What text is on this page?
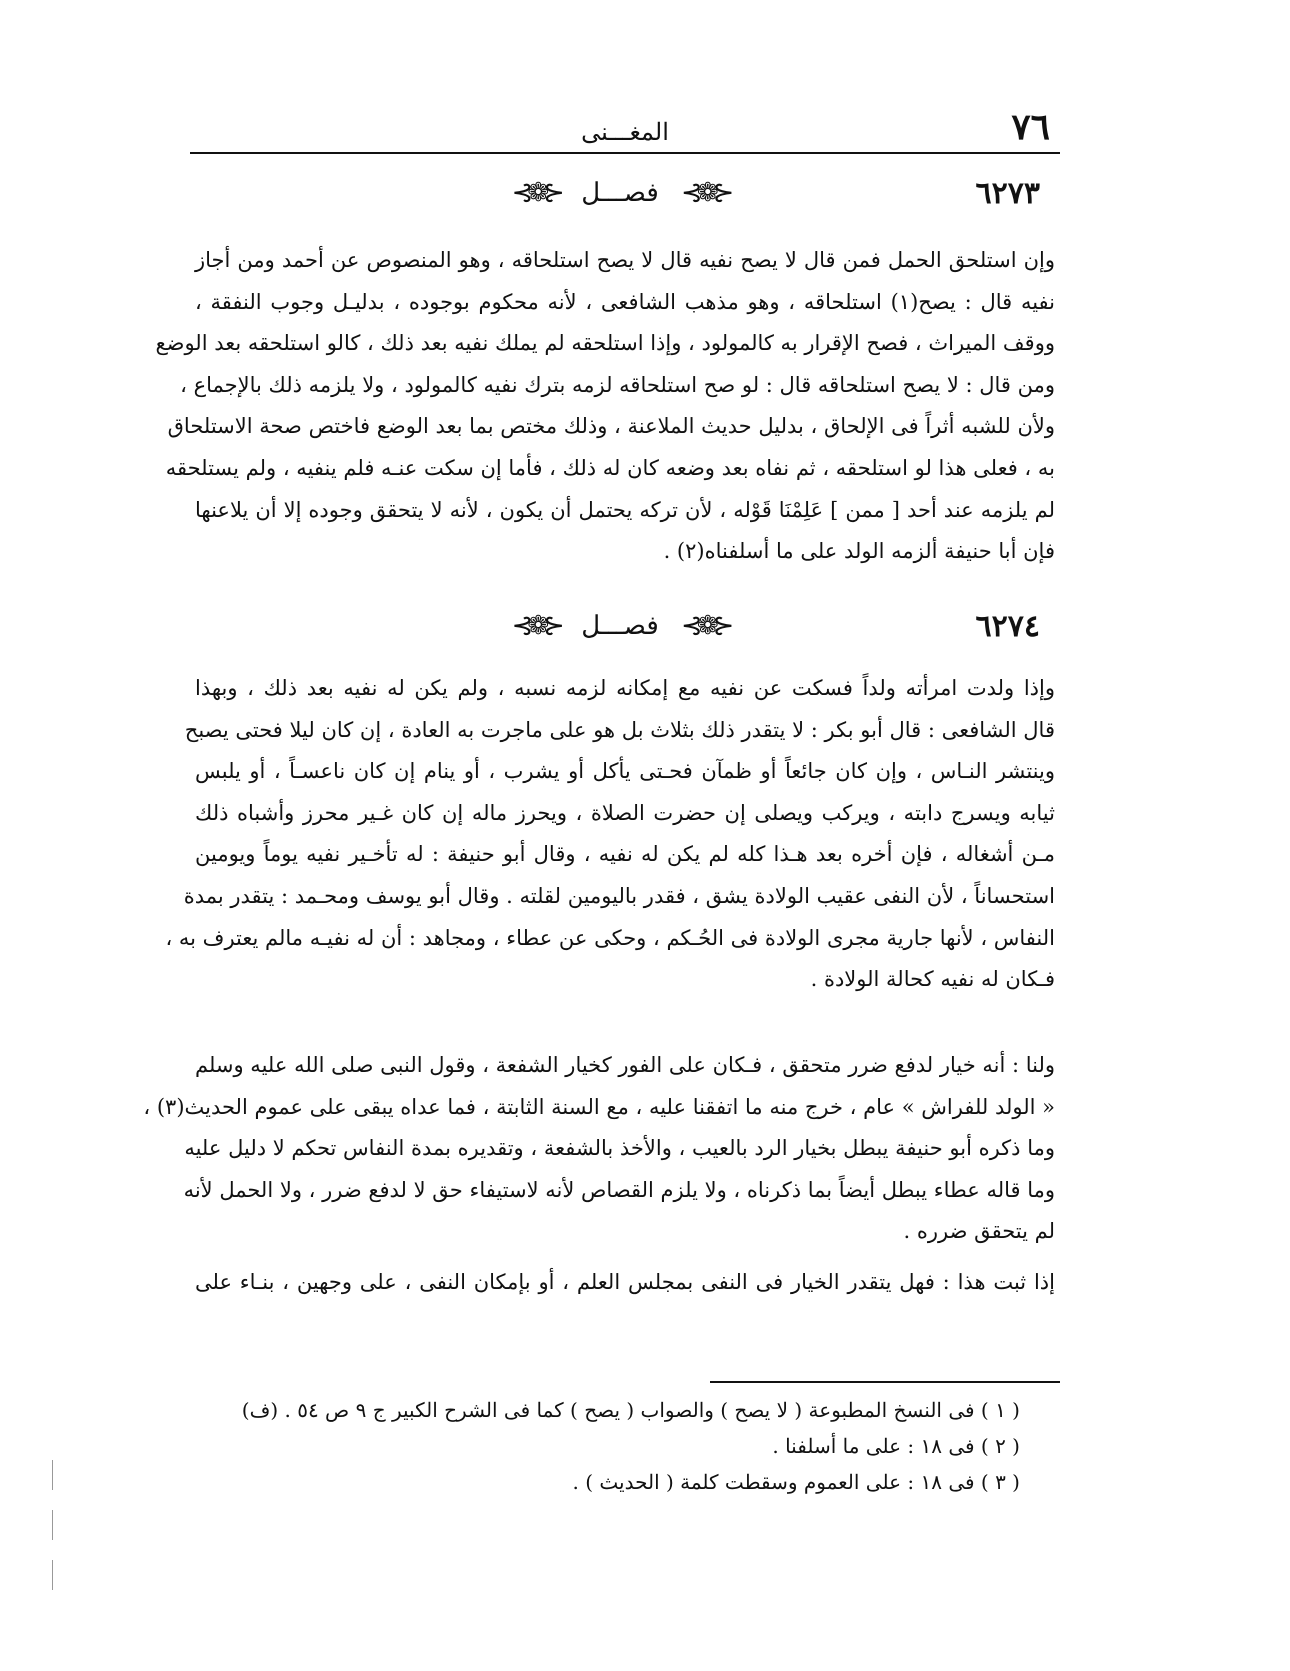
المغـــنى	٧٦
٦٢٧٣
⊰❁⊱ فصـــل ⊰❁⊱
وإن استلحق الحمل فمن قال لا يصح نفيه قال لا يصح استلحاقه ، وهو المنصوص عن أحمد ومن أجاز
نفيه قال : يصح(١) استلحاقه ، وهو مذهب الشافعى ، لأنه محكوم بوجوده ، بدليـل وجوب النفقة ،
ووقف الميراث ، فصح الإقرار به كالمولود ، وإذا استلحقه لم يملك نفيه بعد ذلك ، كالو استلحقه بعد الوضع
ومن قال : لا يصح استلحاقه قال : لو صح استلحاقه لزمه بترك نفيه كالمولود ، ولا يلزمه ذلك بالإجماع ،
ولأن للشبه أثراً فى الإلحاق ، بدليل حديث الملاعنة ، وذلك مختص بما بعد الوضع فاختص صحة الاستلحاق
به ، فعلى هذا لو استلحقه ، ثم نفاه بعد وضعه كان له ذلك ، فأما إن سكت عنـه فلم ينفيه ، ولم يستلحقه
لم يلزمه عند أحد [ ممن ] عَلِمْنَا قَوْله ، لأن تركه يحتمل أن يكون ، لأنه لا يتحقق وجوده إلا أن يلاعنها
فإن أبا حنيفة ألزمه الولد على ما أسلفناه(٢) .
٦٢٧٤
⊰❁⊱ فصـــل ⊰❁⊱
وإذا ولدت امرأته ولداً فسكت عن نفيه مع إمكانه لزمه نسبه ، ولم يكن له نفيه بعد ذلك ، وبهذا
قال الشافعى : قال أبو بكر : لا يتقدر ذلك بثلاث بل هو على ماجرت به العادة ، إن كان ليلا فحتى يصبح
وينتشر النـاس ، وإن كان جائعاً أو ظمآن فحـتى يأكل أو يشرب ، أو ينام إن كان ناعسـاً ، أو يلبس
ثيابه ويسرج دابته ، ويركب ويصلى إن حضرت الصلاة ، ويحرز ماله إن كان غـير محرز وأشباه ذلك
مـن أشغاله ، فإن أخره بعد هـذا كله لم يكن له نفيه ، وقال أبو حنيفة : له تأخـير نفيه يوماً ويومين
استحساناً ، لأن النفى عقيب الولادة يشق ، فقدر باليومين لقلته . وقال أبو يوسف ومحـمد : يتقدر بمدة
النفاس ، لأنها جارية مجرى الولادة فى الحُـكم ، وحكى عن عطاء ، ومجاهد : أن له نفيـه مالم يعترف به ،
فـكان له نفيه كحالة الولادة .
ولنا : أنه خيار لدفع ضرر متحقق ، فـكان على الفور كخيار الشفعة ، وقول النبى صلى الله عليه وسلم
« الولد للفراش » عام ، خرج منه ما اتفقنا عليه ، مع السنة الثابتة ، فما عداه يبقى على عموم الحديث(٣) ،
وما ذكره أبو حنيفة يبطل بخيار الرد بالعيب ، والأخذ بالشفعة ، وتقديره بمدة النفاس تحكم لا دليل عليه
وما قاله عطاء يبطل أيضاً بما ذكرناه ، ولا يلزم القصاص لأنه لاستيفاء حق لا لدفع ضرر ، ولا الحمل لأنه
لم يتحقق ضرره .
إذا ثبت هذا : فهل يتقدر الخيار فى النفى بمجلس العلم ، أو بإمكان النفى ، على وجهين ، بنـاء على
( ١ ) فى النسخ المطبوعة ( لا يصح ) والصواب ( يصح ) كما فى الشرح الكبير ج ٩ ص ٥٤ . (ف)
( ٢ ) فى ١٨ : على ما أسلفنا .
( ٣ ) فى ١٨ : على العموم وسقطت كلمة ( الحديث ) .
